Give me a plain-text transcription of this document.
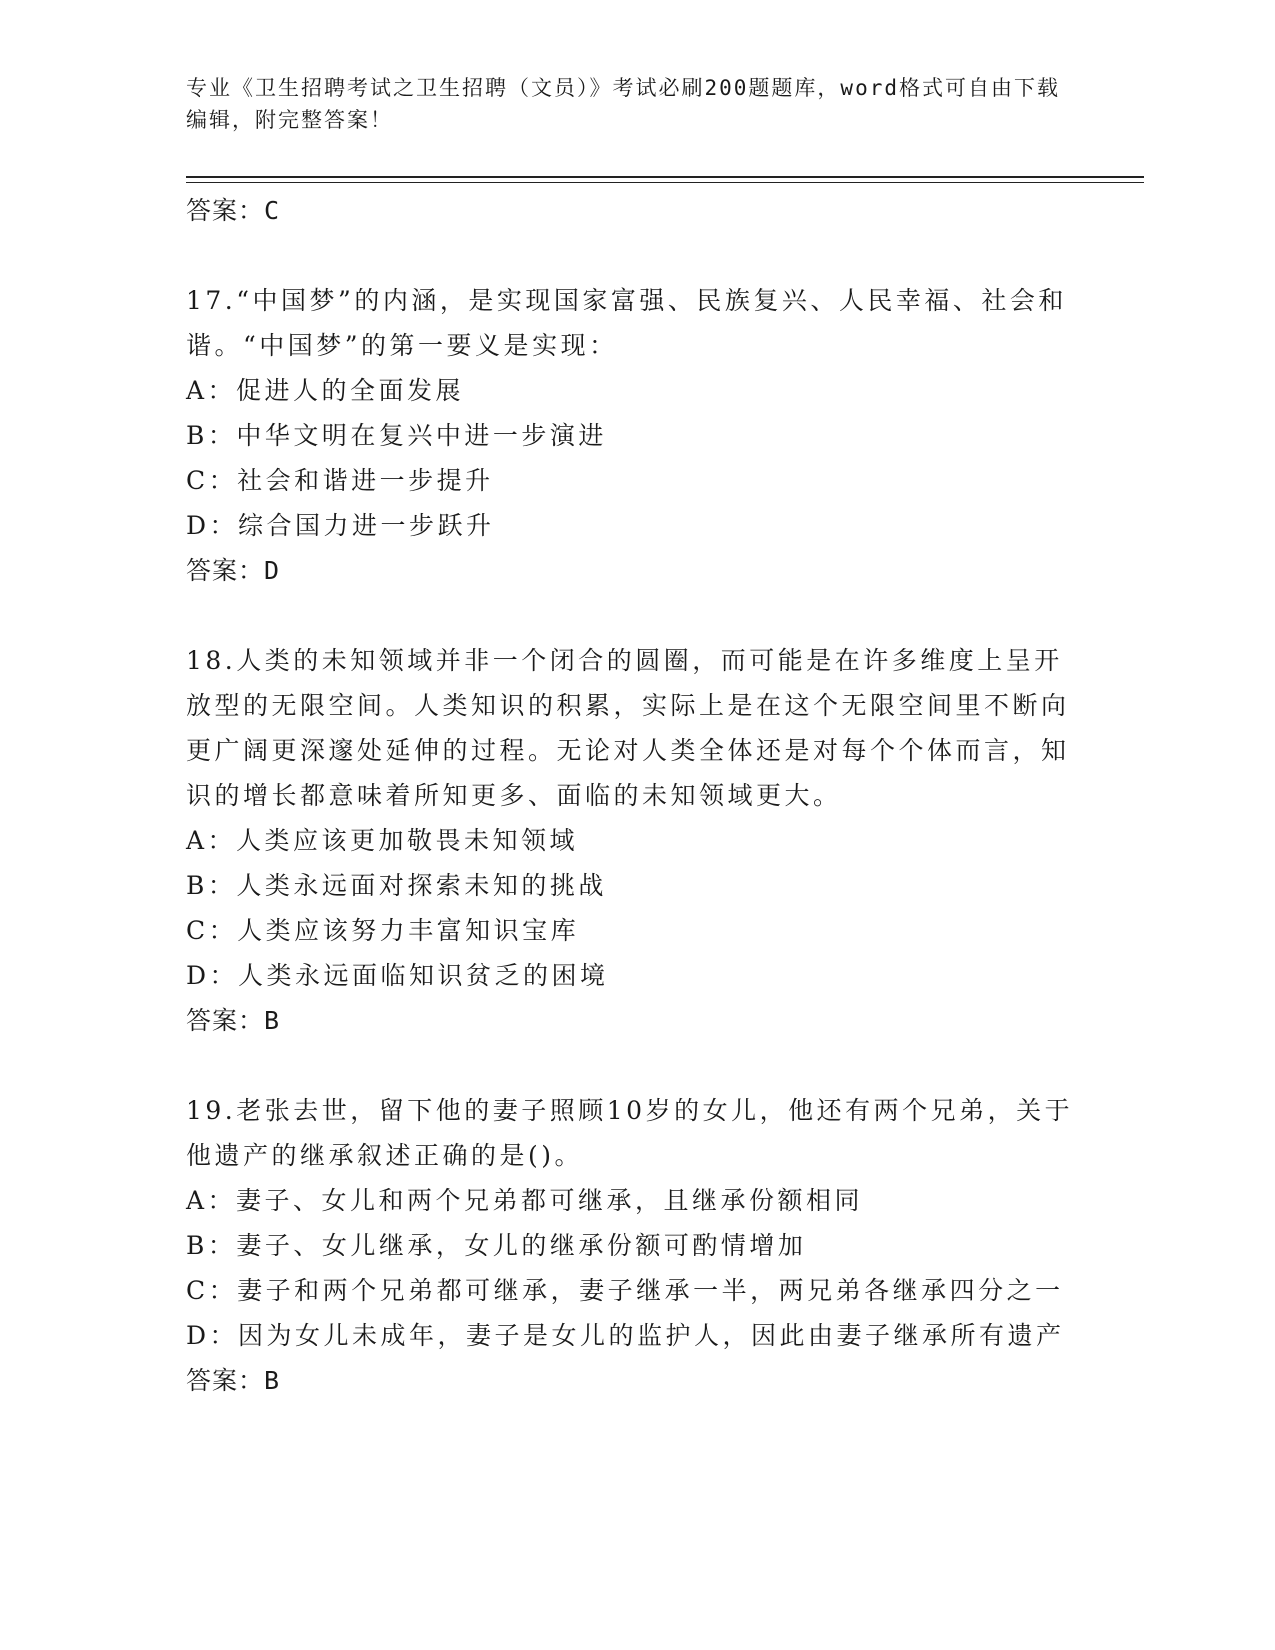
专业《卫生招聘考试之卫生招聘（文员）》考试必刷200题题库，word格式可自由下载编辑，附完整答案！
答案：C

17.“中国梦”的内涵，是实现国家富强、民族复兴、人民幸福、社会和谐。“中国梦”的第一要义是实现：

A：促进人的全面发展

B：中华文明在复兴中进一步演进

C：社会和谐进一步提升

D：综合国力进一步跃升

答案：D

18.人类的未知领域并非一个闭合的圆圈，而可能是在许多维度上呈开放型的无限空间。人类知识的积累，实际上是在这个无限空间里不断向更广阔更深邃处延伸的过程。无论对人类全体还是对每个个体而言，知识的增长都意味着所知更多、面临的未知领域更大。

A：人类应该更加敬畏未知领域

B：人类永远面对探索未知的挑战

C：人类应该努力丰富知识宝库

D：人类永远面临知识贫乏的困境

答案：B

19.老张去世，留下他的妻子照顾10岁的女儿，他还有两个兄弟，关于他遗产的继承叙述正确的是()。

A：妻子、女儿和两个兄弟都可继承，且继承份额相同

B：妻子、女儿继承，女儿的继承份额可酌情增加

C：妻子和两个兄弟都可继承，妻子继承一半，两兄弟各继承四分之一

D：因为女儿未成年，妻子是女儿的监护人，因此由妻子继承所有遗产

答案：B
